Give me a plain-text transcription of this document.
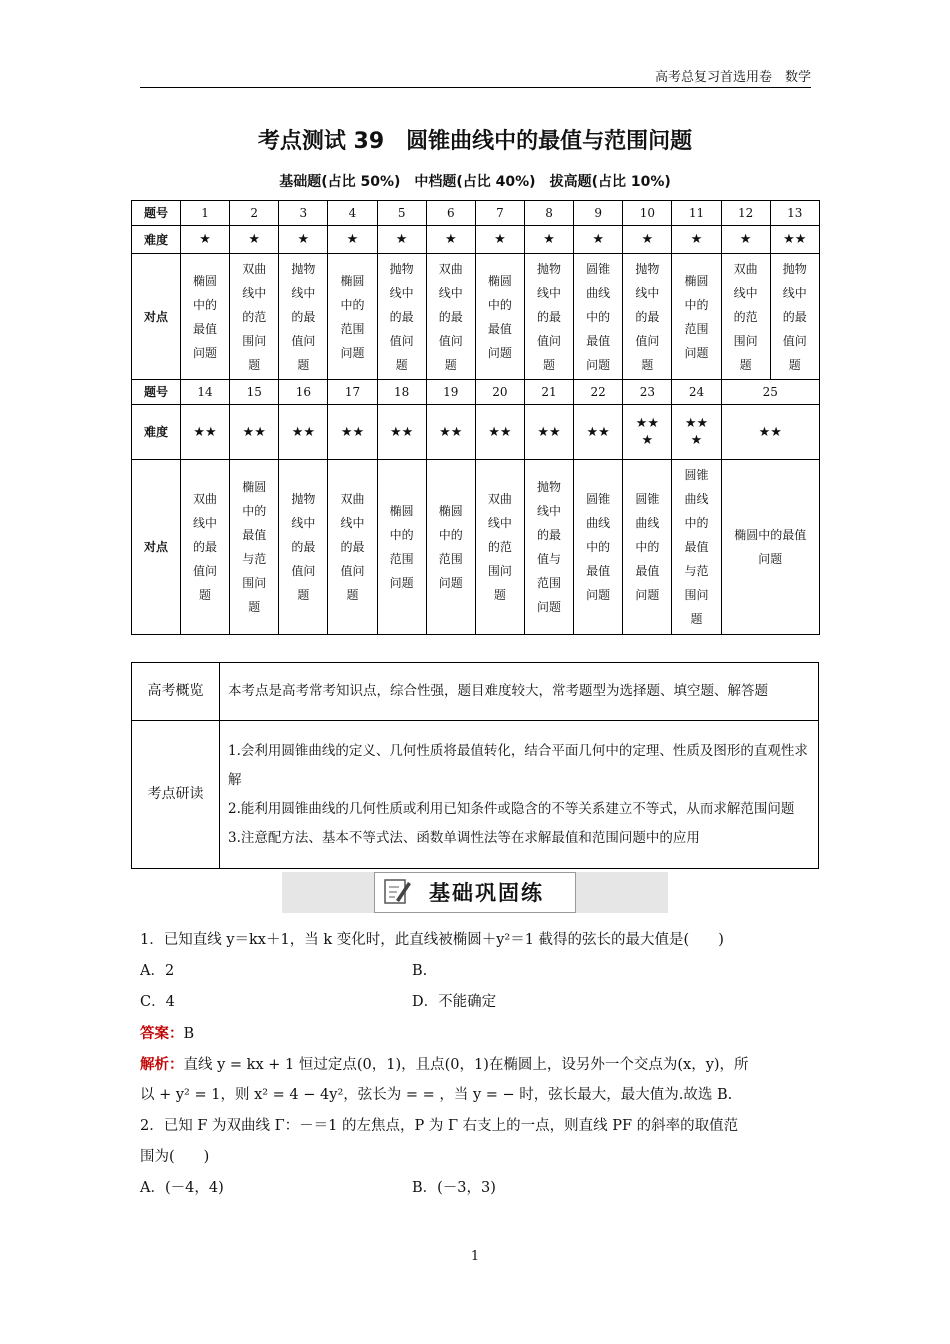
高考总复习首选用卷　数学
考点测试 39　圆锥曲线中的最值与范围问题
基础题(占比 50%)　中档题(占比 40%)　拔高题(占比 10%)
题号	1	2	3	4	5	6	7	8	9	10	11	12	13
难度	★	★	★	★	★	★	★	★	★	★	★	★	★★
对点	椭圆中的最值问题	双曲线中的范围问题	抛物线中的最值问题	椭圆中的范围问题	抛物线中的最值问题	双曲线中的最值问题	椭圆中的最值问题	抛物线中的最值问题	圆锥曲线中的最值问题	抛物线中的最值问题	椭圆中的范围问题	双曲线中的范围问题	抛物线中的最值问题
题号	14	15	16	17	18	19	20	21	22	23	24	25
难度	★★	★★	★★	★★	★★	★★	★★	★★	★★	★★★	★★★	★★
对点	双曲线中的最值问题	椭圆中的最值与范围问题	抛物线中的最值问题	双曲线中的最值问题	椭圆中的范围问题	椭圆中的范围问题	双曲线中的范围问题	抛物线中的最值与范围问题	圆锥曲线中的最值问题	圆锥曲线中的最值问题	圆锥曲线中的最值与范围问题	椭圆中的最值问题
高考概览	本考点是高考常考知识点，综合性强，题目难度较大，常考题型为选择题、填空题、解答题
考点研读	1.会利用圆锥曲线的定义、几何性质将最值转化，结合平面几何中的定理、性质及图形的直观性求解

2.能利用圆锥曲线的几何性质或利用已知条件或隐含的不等关系建立不等式，从而求解范围问题

3.注意配方法、基本不等式法、函数单调性法等在求解最值和范围问题中的应用

基础巩固练
1．已知直线 y＝kx＋1，当 k 变化时，此直线被椭圆＋y²＝1 截得的弦长的最大值是(　　)
A．2	B.
C．4	D．不能确定
答案：B
解析：直线 y = kx + 1 恒过定点(0，1)，且点(0，1)在椭圆上，设另外一个交点为(x，y)，所
以 + y² = 1，则 x² = 4 − 4y²，弦长为 = = ，当 y = − 时，弦长最大，最大值为.故选 B.
2．已知 F 为双曲线 Γ：－＝1 的左焦点，P 为 Γ 右支上的一点，则直线 PF 的斜率的取值范
围为(　　)
A．(－4，4)	B．(－3，3)
1
